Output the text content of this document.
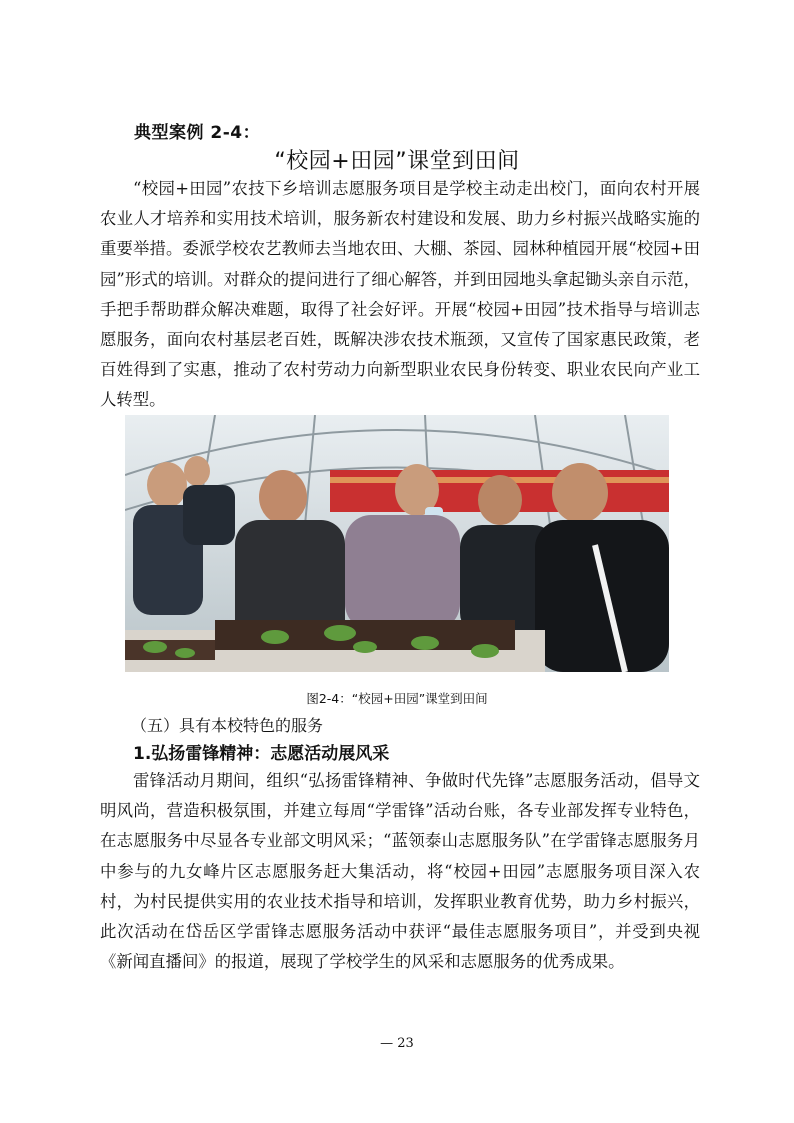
典型案例 2-4：
“校园+田园”课堂到田间

“校园+田园”农技下乡培训志愿服务项目是学校主动走出校门，面向农村开展农业人才培养和实用技术培训，服务新农村建设和发展、助力乡村振兴战略实施的重要举措。委派学校农艺教师去当地农田、大棚、茶园、园林种植园开展“校园+田园”形式的培训。对群众的提问进行了细心解答，并到田园地头拿起锄头亲自示范，手把手帮助群众解决难题，取得了社会好评。开展“校园+田园”技术指导与培训志愿服务，面向农村基层老百姓，既解决涉农技术瓶颈，又宣传了国家惠民政策，老百姓得到了实惠，推动了农村劳动力向新型职业农民身份转变、职业农民向产业工人转型。

图2-4：“校园+田园”课堂到田间
（五）具有本校特色的服务
1.弘扬雷锋精神：志愿活动展风采

雷锋活动月期间，组织“弘扬雷锋精神、争做时代先锋”志愿服务活动，倡导文明风尚，营造积极氛围，并建立每周“学雷锋”活动台账，各专业部发挥专业特色，在志愿服务中尽显各专业部文明风采；“蓝领泰山志愿服务队”在学雷锋志愿服务月中参与的九女峰片区志愿服务赶大集活动，将“校园+田园”志愿服务项目深入农村，为村民提供实用的农业技术指导和培训，发挥职业教育优势，助力乡村振兴，此次活动在岱岳区学雷锋志愿服务活动中获评“最佳志愿服务项目”，并受到央视《新闻直播间》的报道，展现了学校学生的风采和志愿服务的优秀成果。

— 23
